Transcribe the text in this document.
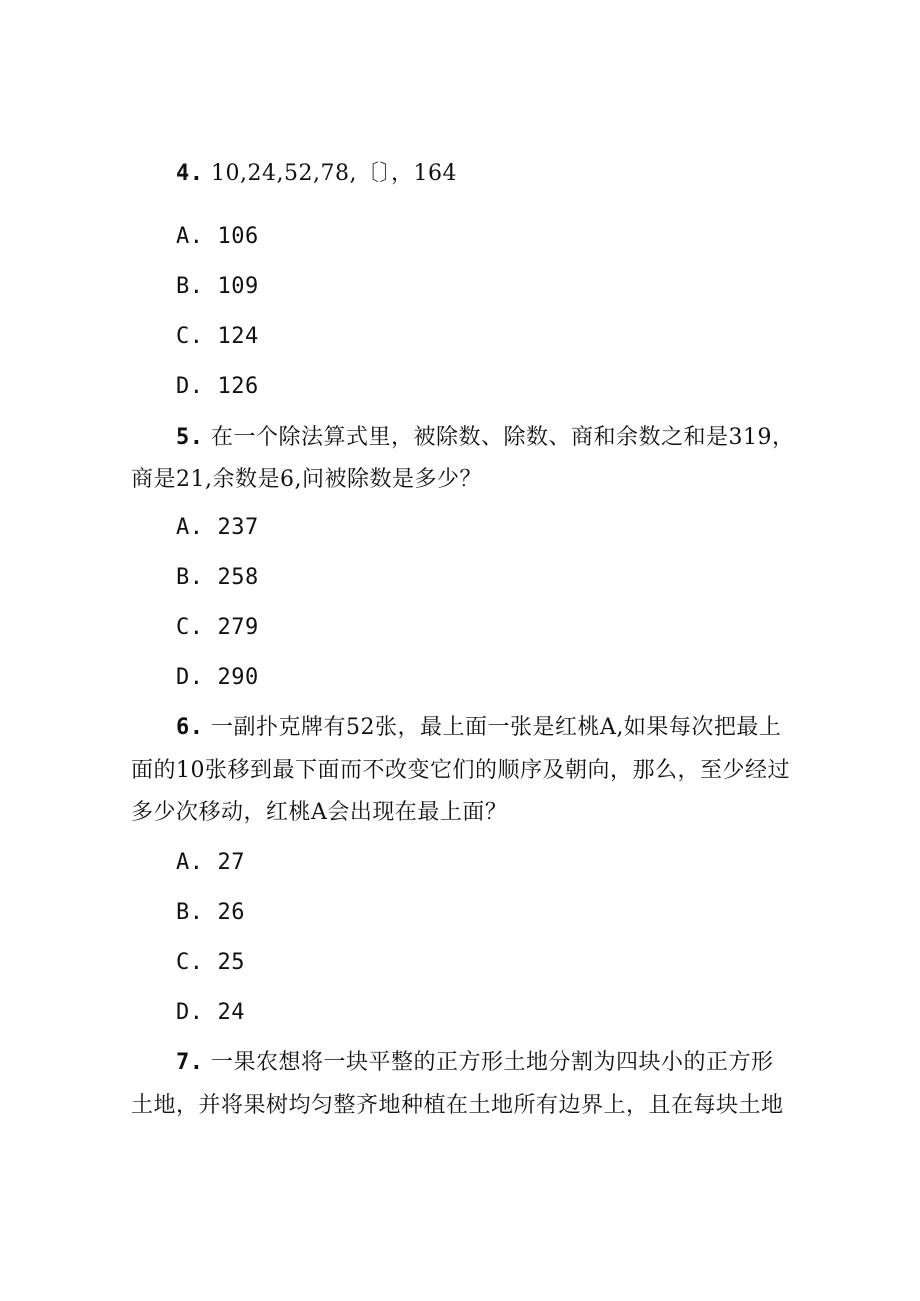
4. 10,24,52,78,〔〕，164
A. 106
B. 109
C. 124
D. 126
5. 在一个除法算式里，被除数、除数、商和余数之和是319，
商是21,余数是6,问被除数是多少？
A. 237
B. 258
C. 279
D. 290
6. 一副扑克牌有52张，最上面一张是红桃A,如果每次把最上
面的10张移到最下面而不改变它们的顺序及朝向，那么，至少经过
多少次移动，红桃A会出现在最上面？
A. 27
B. 26
C. 25
D. 24
7. 一果农想将一块平整的正方形土地分割为四块小的正方形
土地，并将果树均匀整齐地种植在土地所有边界上，且在每块土地
